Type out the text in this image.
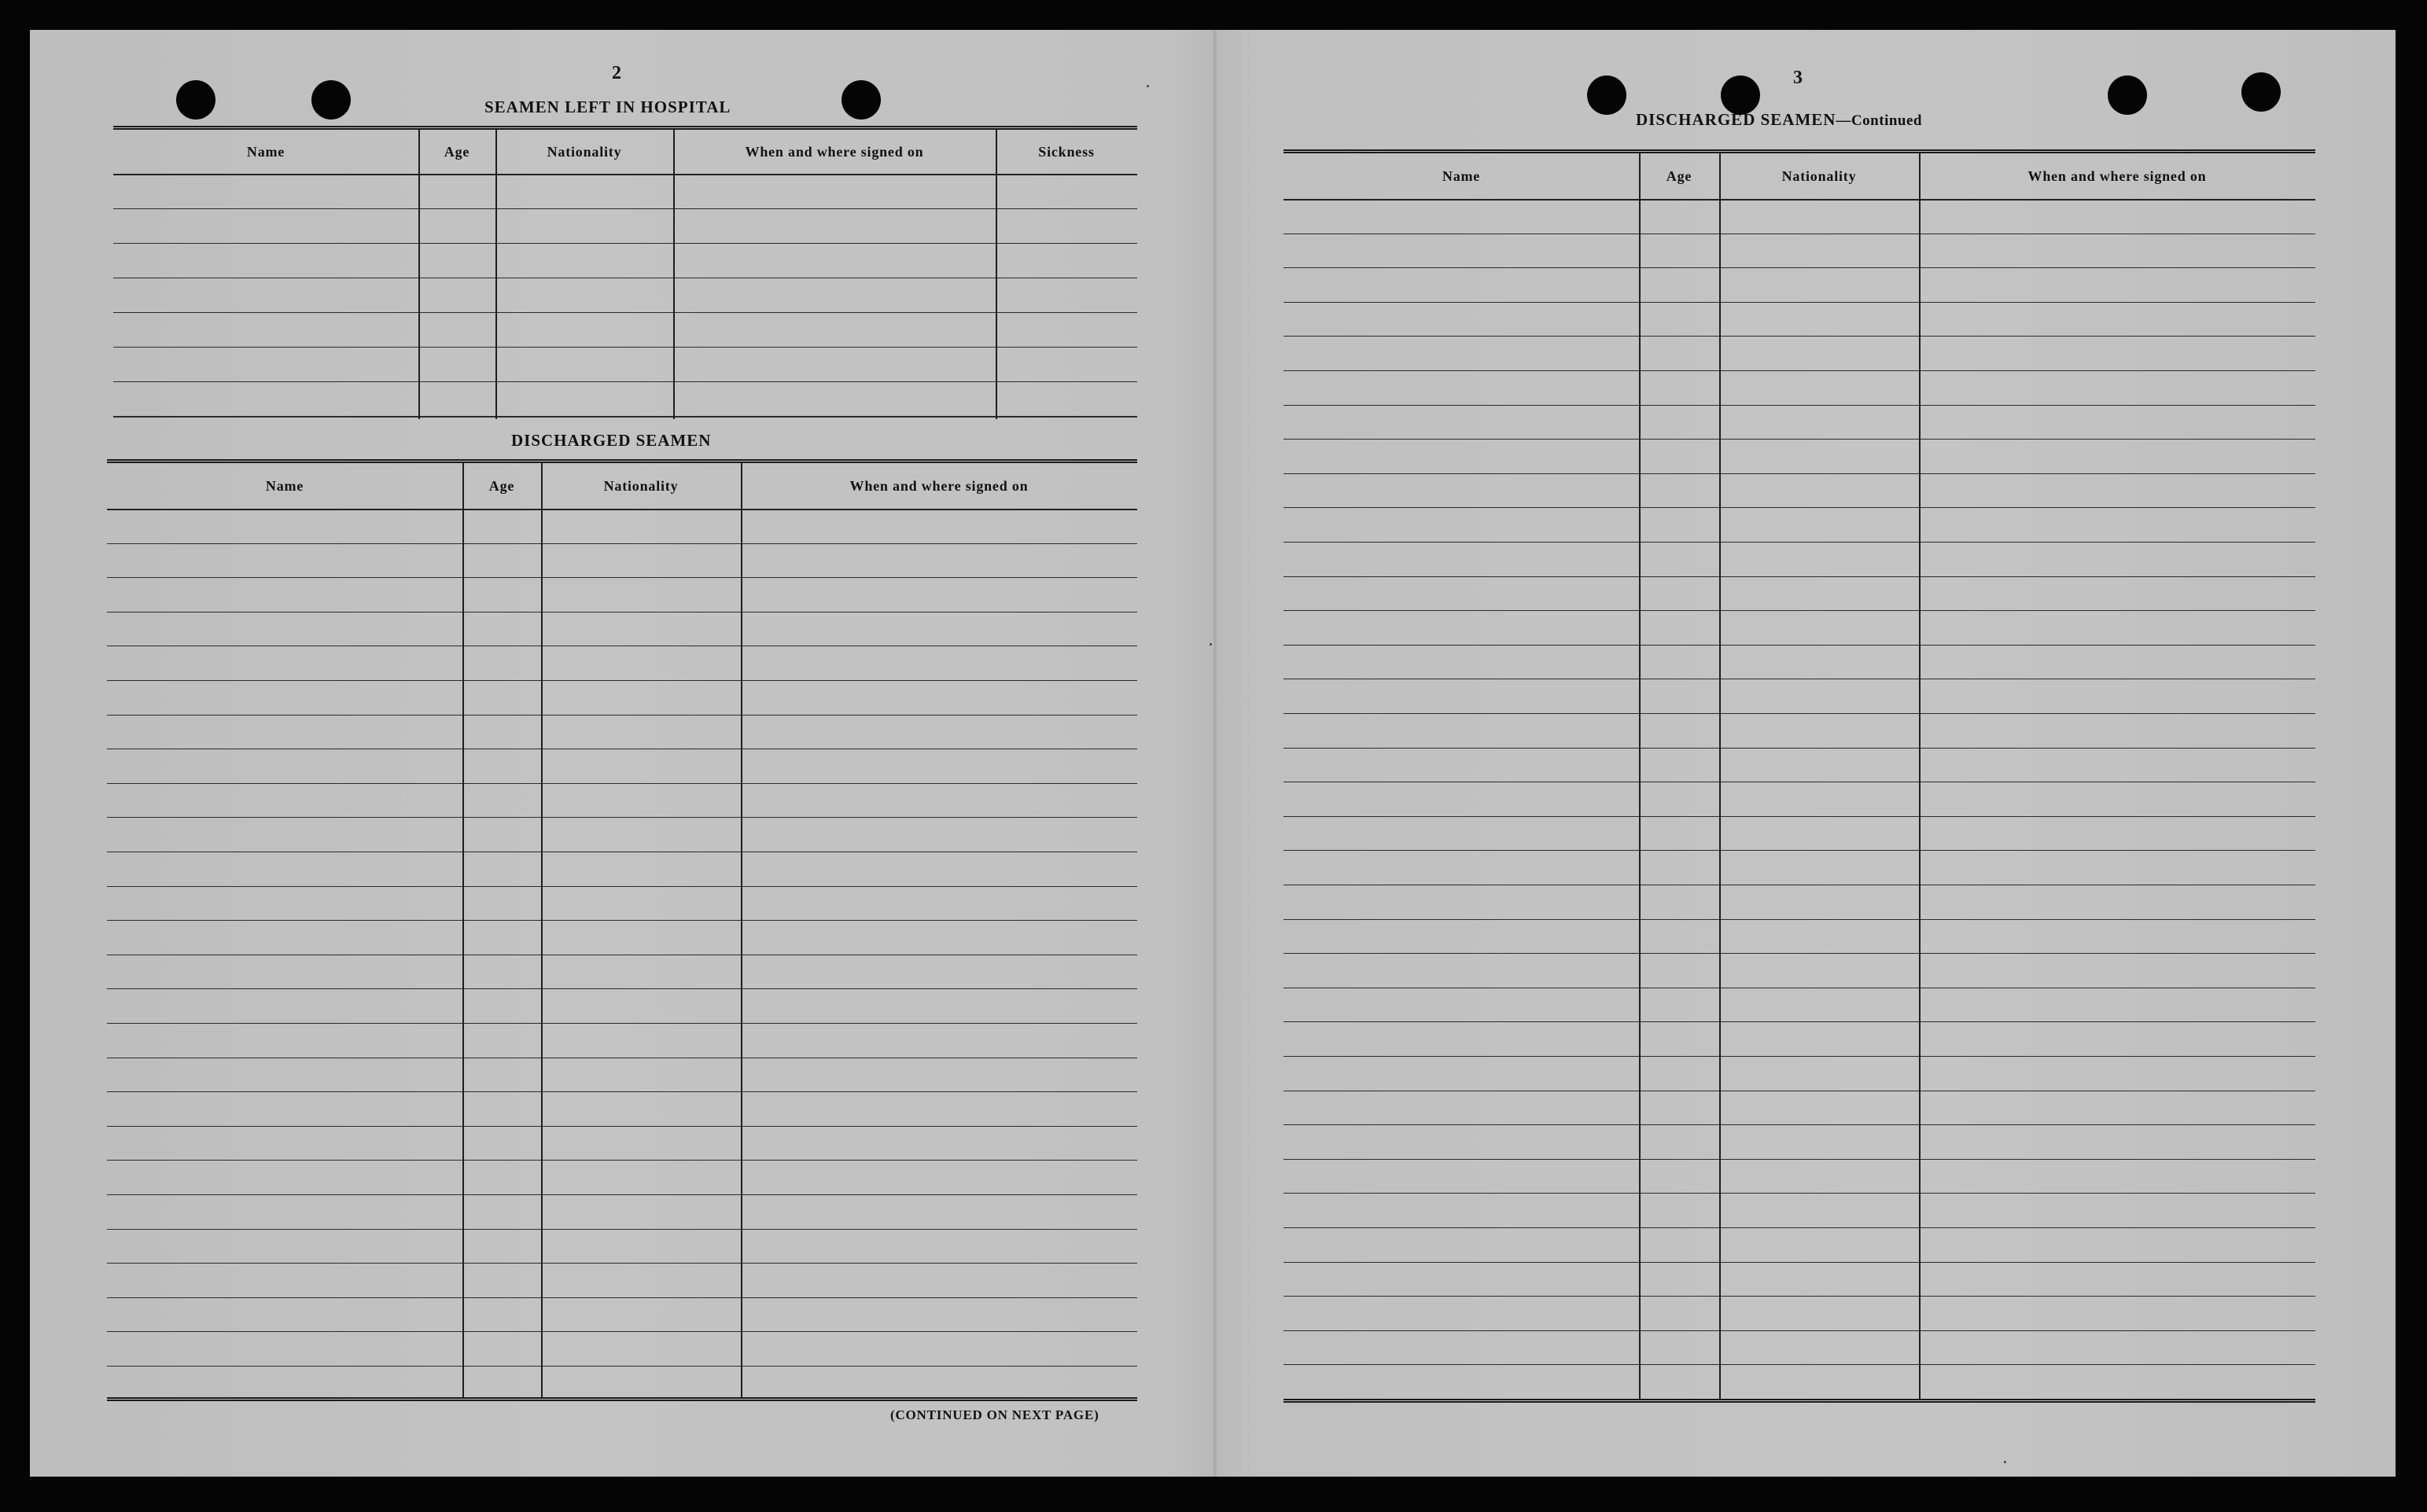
2
SEAMEN LEFT IN HOSPITAL
Name	Age	Nationality	When and where signed on	Sickness
DISCHARGED SEAMEN
Name	Age	Nationality	When and where signed on
(CONTINUED ON NEXT PAGE)
3
DISCHARGED SEAMEN—Continued
Name	Age	Nationality	When and where signed on
